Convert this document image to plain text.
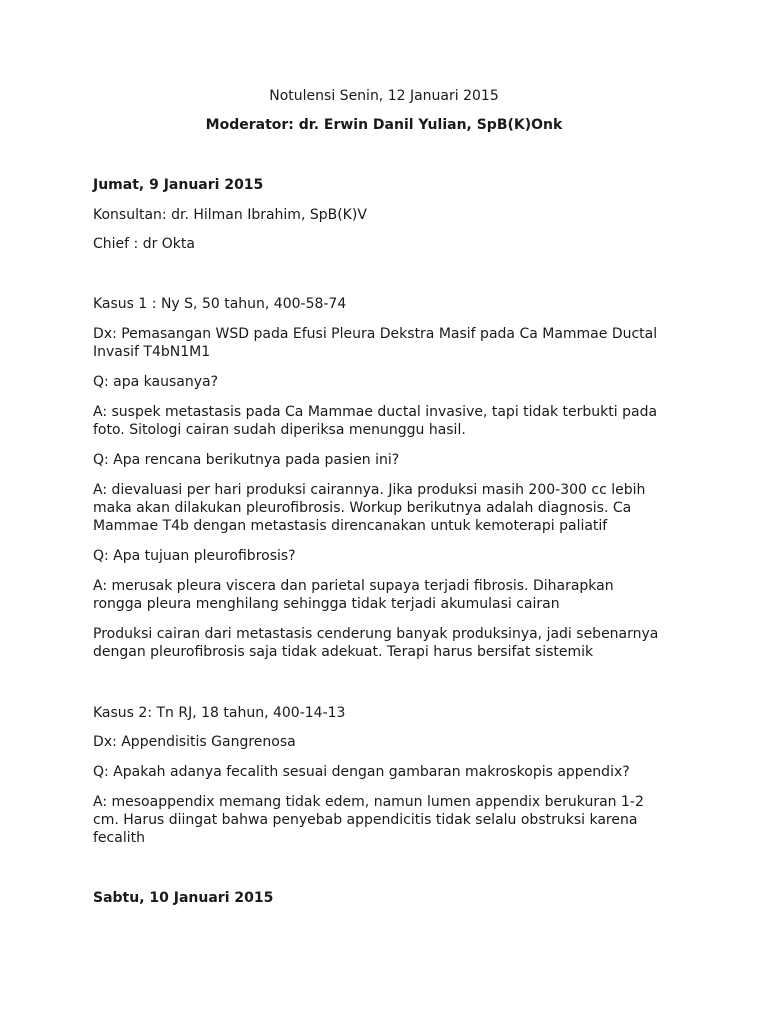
Notulensi Senin, 12 Januari 2015
Moderator: dr. Erwin Danil Yulian, SpB(K)Onk
Jumat, 9 Januari 2015
Konsultan: dr. Hilman Ibrahim, SpB(K)V
Chief : dr Okta
Kasus 1 : Ny S, 50 tahun, 400-58-74
Dx: Pemasangan WSD pada Efusi Pleura Dekstra Masif pada Ca Mammae Ductal
Invasif T4bN1M1
Q: apa kausanya?
A: suspek metastasis pada Ca Mammae ductal invasive, tapi tidak terbukti pada
foto. Sitologi cairan sudah diperiksa menunggu hasil.
Q: Apa rencana berikutnya pada pasien ini?
A: dievaluasi per hari produksi cairannya. Jika produksi masih 200-300 cc lebih
maka akan dilakukan pleurofibrosis. Workup berikutnya adalah diagnosis. Ca
Mammae T4b dengan metastasis direncanakan untuk kemoterapi paliatif
Q: Apa tujuan pleurofibrosis?
A: merusak pleura viscera dan parietal supaya terjadi fibrosis. Diharapkan
rongga pleura menghilang sehingga tidak terjadi akumulasi cairan
Produksi cairan dari metastasis cenderung banyak produksinya, jadi sebenarnya
dengan pleurofibrosis saja tidak adekuat. Terapi harus bersifat sistemik
Kasus 2: Tn RJ, 18 tahun, 400-14-13
Dx: Appendisitis Gangrenosa
Q: Apakah adanya fecalith sesuai dengan gambaran makroskopis appendix?
A: mesoappendix memang tidak edem, namun lumen appendix berukuran 1-2
cm. Harus diingat bahwa penyebab appendicitis tidak selalu obstruksi karena
fecalith
Sabtu, 10 Januari 2015
